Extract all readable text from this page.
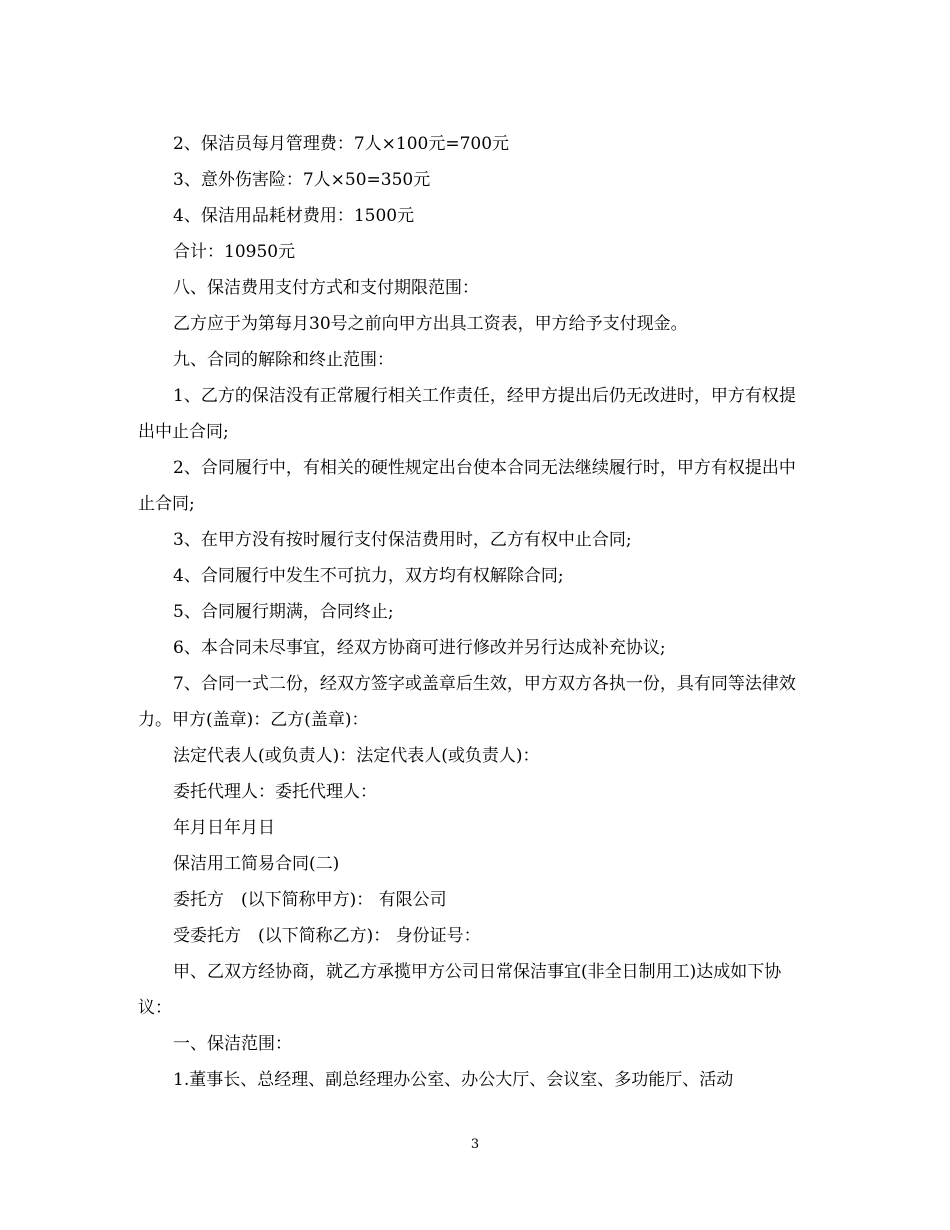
2、保洁员每月管理费：7人×100元=700元

3、意外伤害险：7人×50=350元

4、保洁用品耗材费用：1500元

合计：10950元

八、保洁费用支付方式和支付期限范围：

乙方应于为第每月30号之前向甲方出具工资表，甲方给予支付现金。

九、合同的解除和终止范围：

1、乙方的保洁没有正常履行相关工作责任，经甲方提出后仍无改进时，甲方有权提出中止合同;

2、合同履行中，有相关的硬性规定出台使本合同无法继续履行时，甲方有权提出中止合同;

3、在甲方没有按时履行支付保洁费用时，乙方有权中止合同;

4、合同履行中发生不可抗力，双方均有权解除合同;

5、合同履行期满，合同终止;

6、本合同未尽事宜，经双方协商可进行修改并另行达成补充协议;

7、合同一式二份，经双方签字或盖章后生效，甲方双方各执一份，具有同等法律效力。甲方(盖章)：乙方(盖章)：

法定代表人(或负责人)：法定代表人(或负责人)：

委托代理人：委托代理人：

年月日年月日

保洁用工简易合同(二)

委托方　(以下简称甲方)： 有限公司

受委托方　(以下简称乙方)： 身份证号：

甲、乙双方经协商，就乙方承揽甲方公司日常保洁事宜(非全日制用工)达成如下协议：

一、保洁范围：

1.董事长、总经理、副总经理办公室、办公大厅、会议室、多功能厅、活动

3
